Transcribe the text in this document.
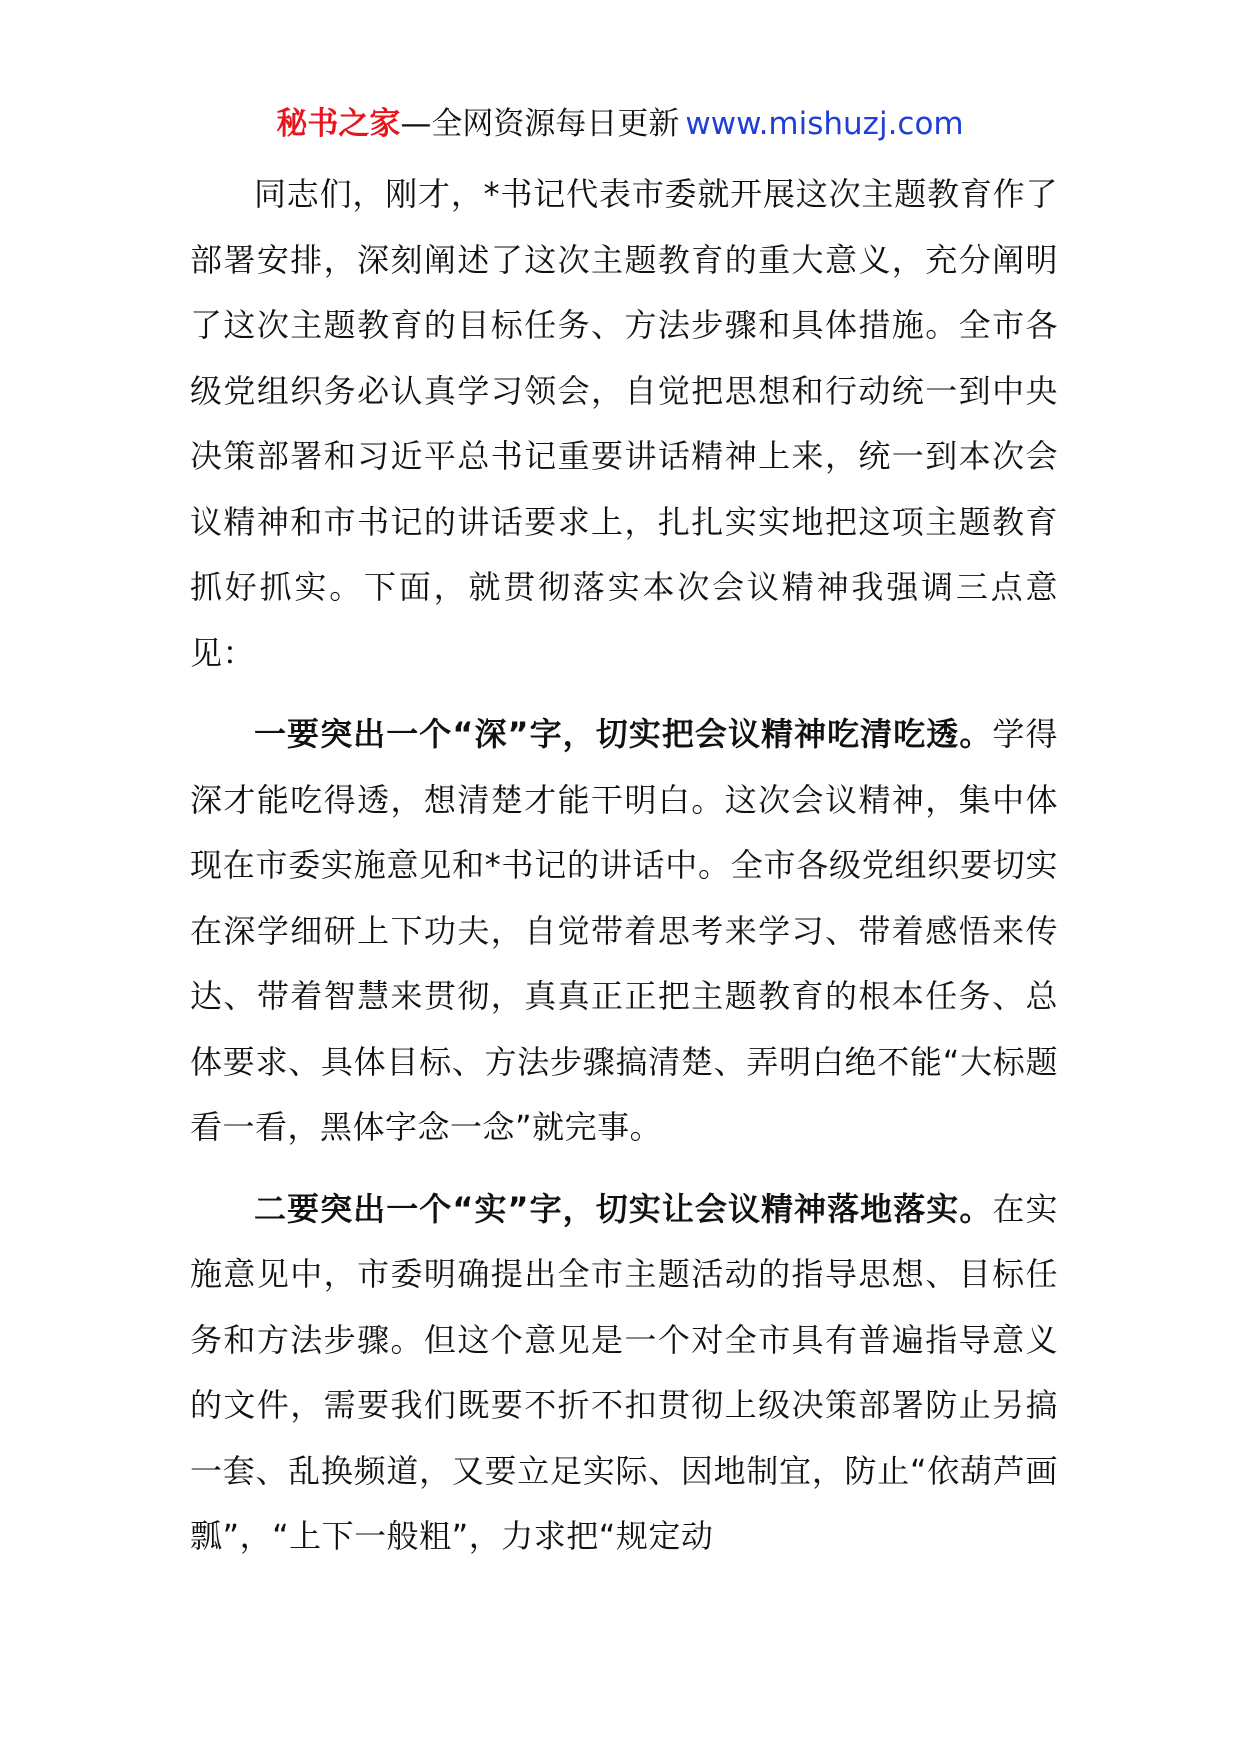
秘书之家—全网资源每日更新 www.mishuzj.com

同志们，刚才，*书记代表市委就开展这次主题教育作了部署安排，深刻阐述了这次主题教育的重大意义，充分阐明了这次主题教育的目标任务、方法步骤和具体措施。全市各级党组织务必认真学习领会，自觉把思想和行动统一到中央决策部署和习近平总书记重要讲话精神上来，统一到本次会议精神和市书记的讲话要求上，扎扎实实地把这项主题教育抓好抓实。下面，就贯彻落实本次会议精神我强调三点意见：

一要突出一个“深”字，切实把会议精神吃清吃透。学得深才能吃得透，想清楚才能干明白。这次会议精神，集中体现在市委实施意见和*书记的讲话中。全市各级党组织要切实在深学细研上下功夫，自觉带着思考来学习、带着感悟来传达、带着智慧来贯彻，真真正正把主题教育的根本任务、总体要求、具体目标、方法步骤搞清楚、弄明白绝不能“大标题看一看，黑体字念一念”就完事。

二要突出一个“实”字，切实让会议精神落地落实。在实施意见中，市委明确提出全市主题活动的指导思想、目标任务和方法步骤。但这个意见是一个对全市具有普遍指导意义的文件，需要我们既要不折不扣贯彻上级决策部署防止另搞一套、乱换频道，又要立足实际、因地制宜，防止“依葫芦画瓢”，“上下一般粗”，力求把“规定动
